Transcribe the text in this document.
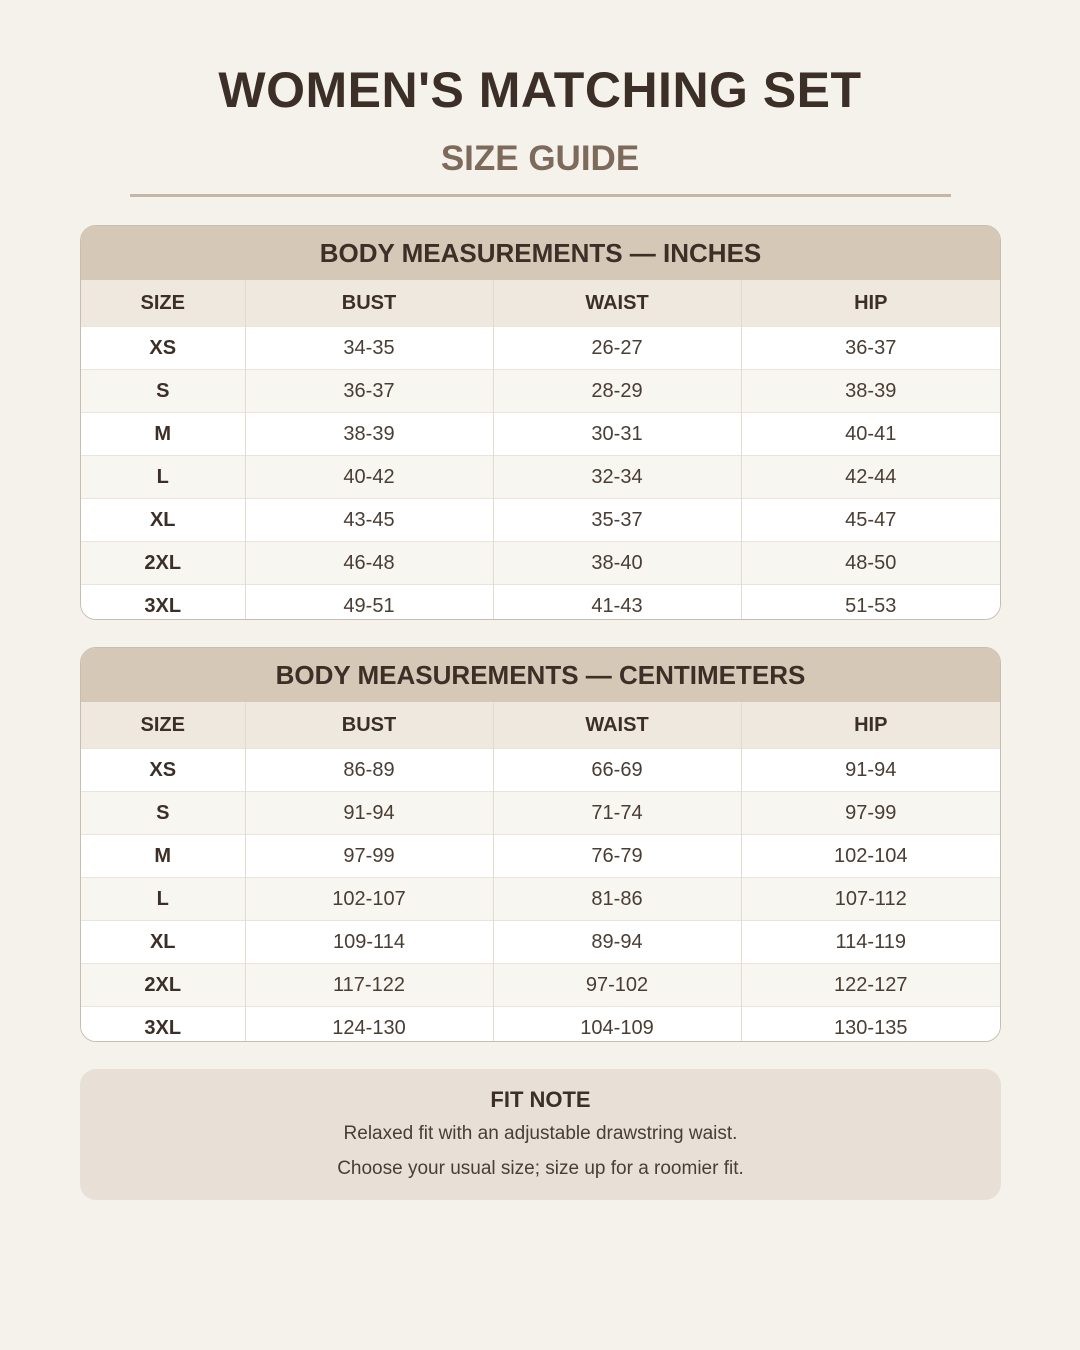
WOMEN'S MATCHING SET
SIZE GUIDE
BODY MEASUREMENTS — INCHES
SIZE	BUST	WAIST	HIP
XS	34-35	26-27	36-37
S	36-37	28-29	38-39
M	38-39	30-31	40-41
L	40-42	32-34	42-44
XL	43-45	35-37	45-47
2XL	46-48	38-40	48-50
3XL	49-51	41-43	51-53
BODY MEASUREMENTS — CENTIMETERS
SIZE	BUST	WAIST	HIP
XS	86-89	66-69	91-94
S	91-94	71-74	97-99
M	97-99	76-79	102-104
L	102-107	81-86	107-112
XL	109-114	89-94	114-119
2XL	117-122	97-102	122-127
3XL	124-130	104-109	130-135
FIT NOTE
Relaxed fit with an adjustable drawstring waist.
Choose your usual size; size up for a roomier fit.
